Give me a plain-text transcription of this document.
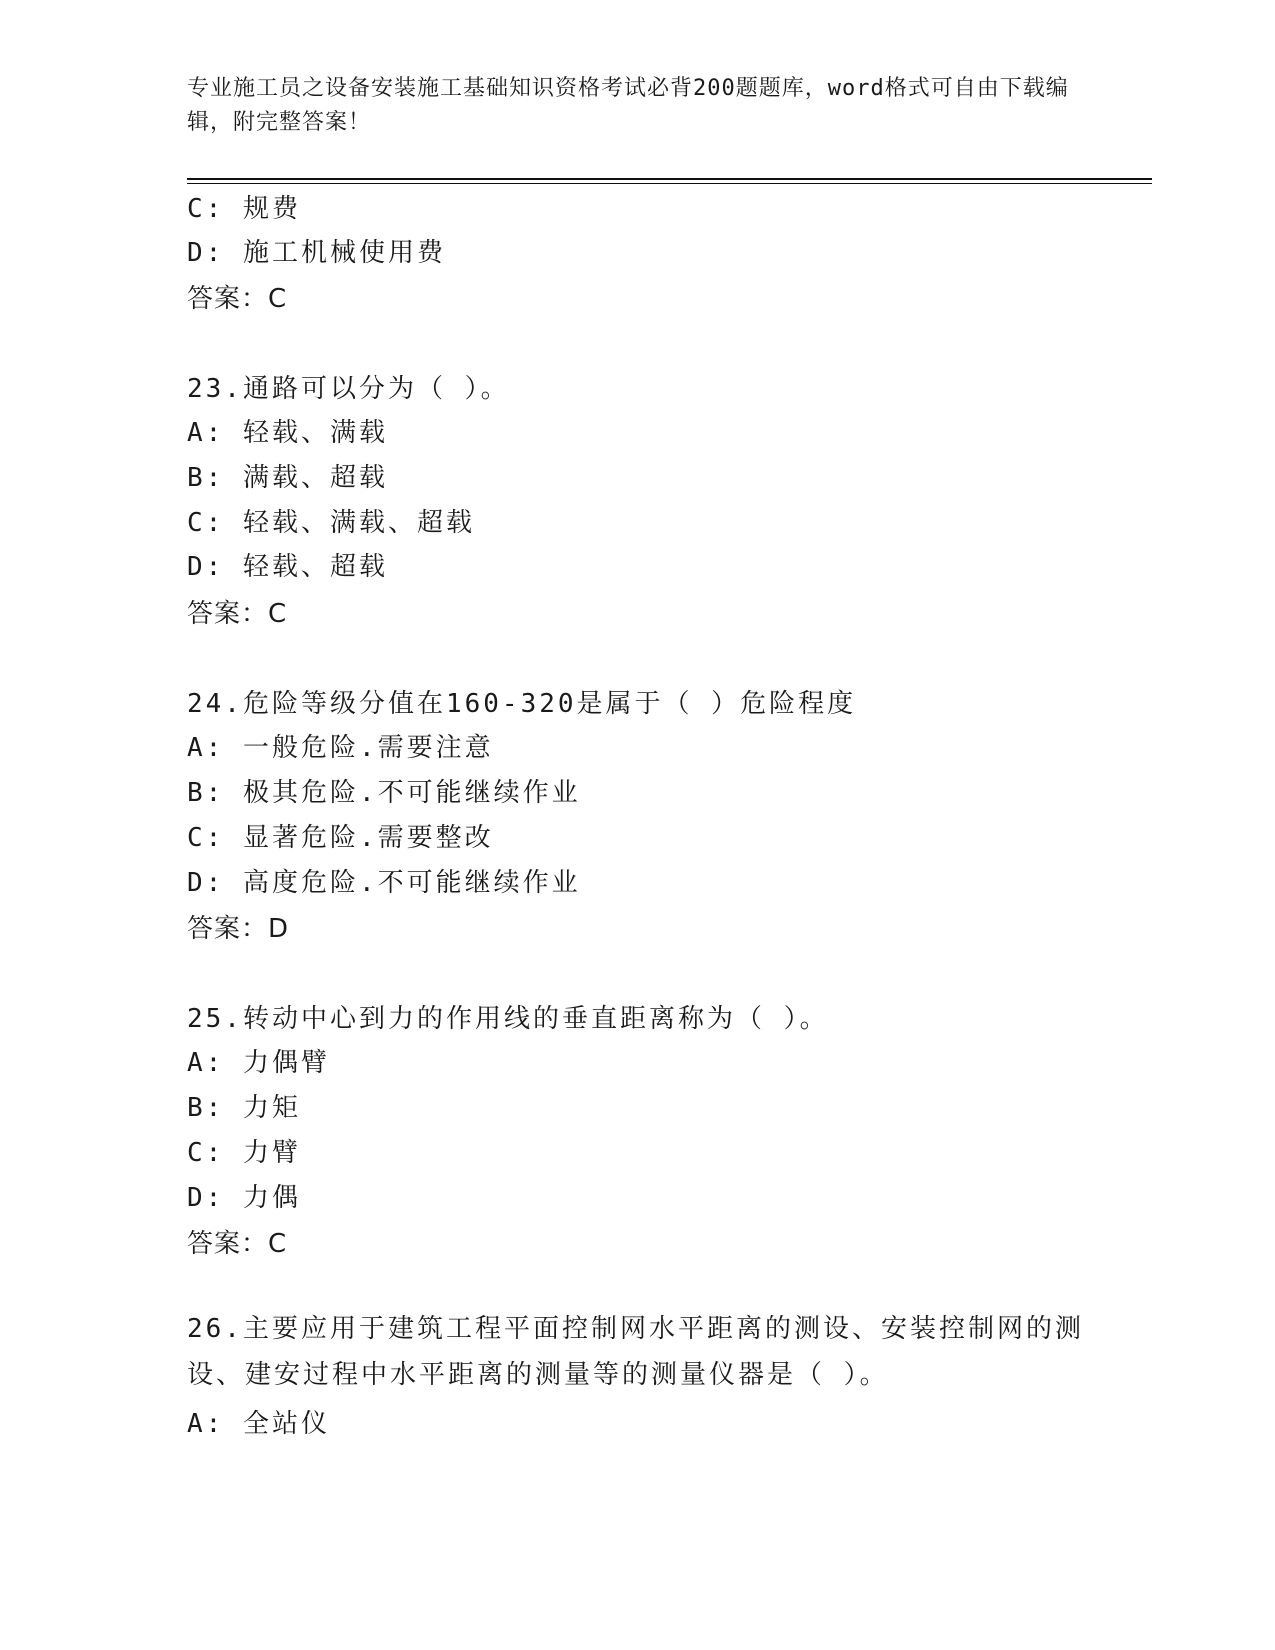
专业施工员之设备安装施工基础知识资格考试必背200题题库，word格式可自由下载编辑，附完整答案！
C: 规费
D: 施工机械使用费
答案：C
23.通路可以分为（ ）。
A: 轻载、满载
B: 满载、超载
C: 轻载、满载、超载
D: 轻载、超载
答案：C
24.危险等级分值在160-320是属于（ ）危险程度
A: 一般危险.需要注意
B: 极其危险.不可能继续作业
C: 显著危险.需要整改
D: 高度危险.不可能继续作业
答案：D
25.转动中心到力的作用线的垂直距离称为（ ）。
A: 力偶臂
B: 力矩
C: 力臂
D: 力偶
答案：C
26.主要应用于建筑工程平面控制网水平距离的测设、安装控制网的测设、建安过程中水平距离的测量等的测量仪器是（ ）。
A: 全站仪
